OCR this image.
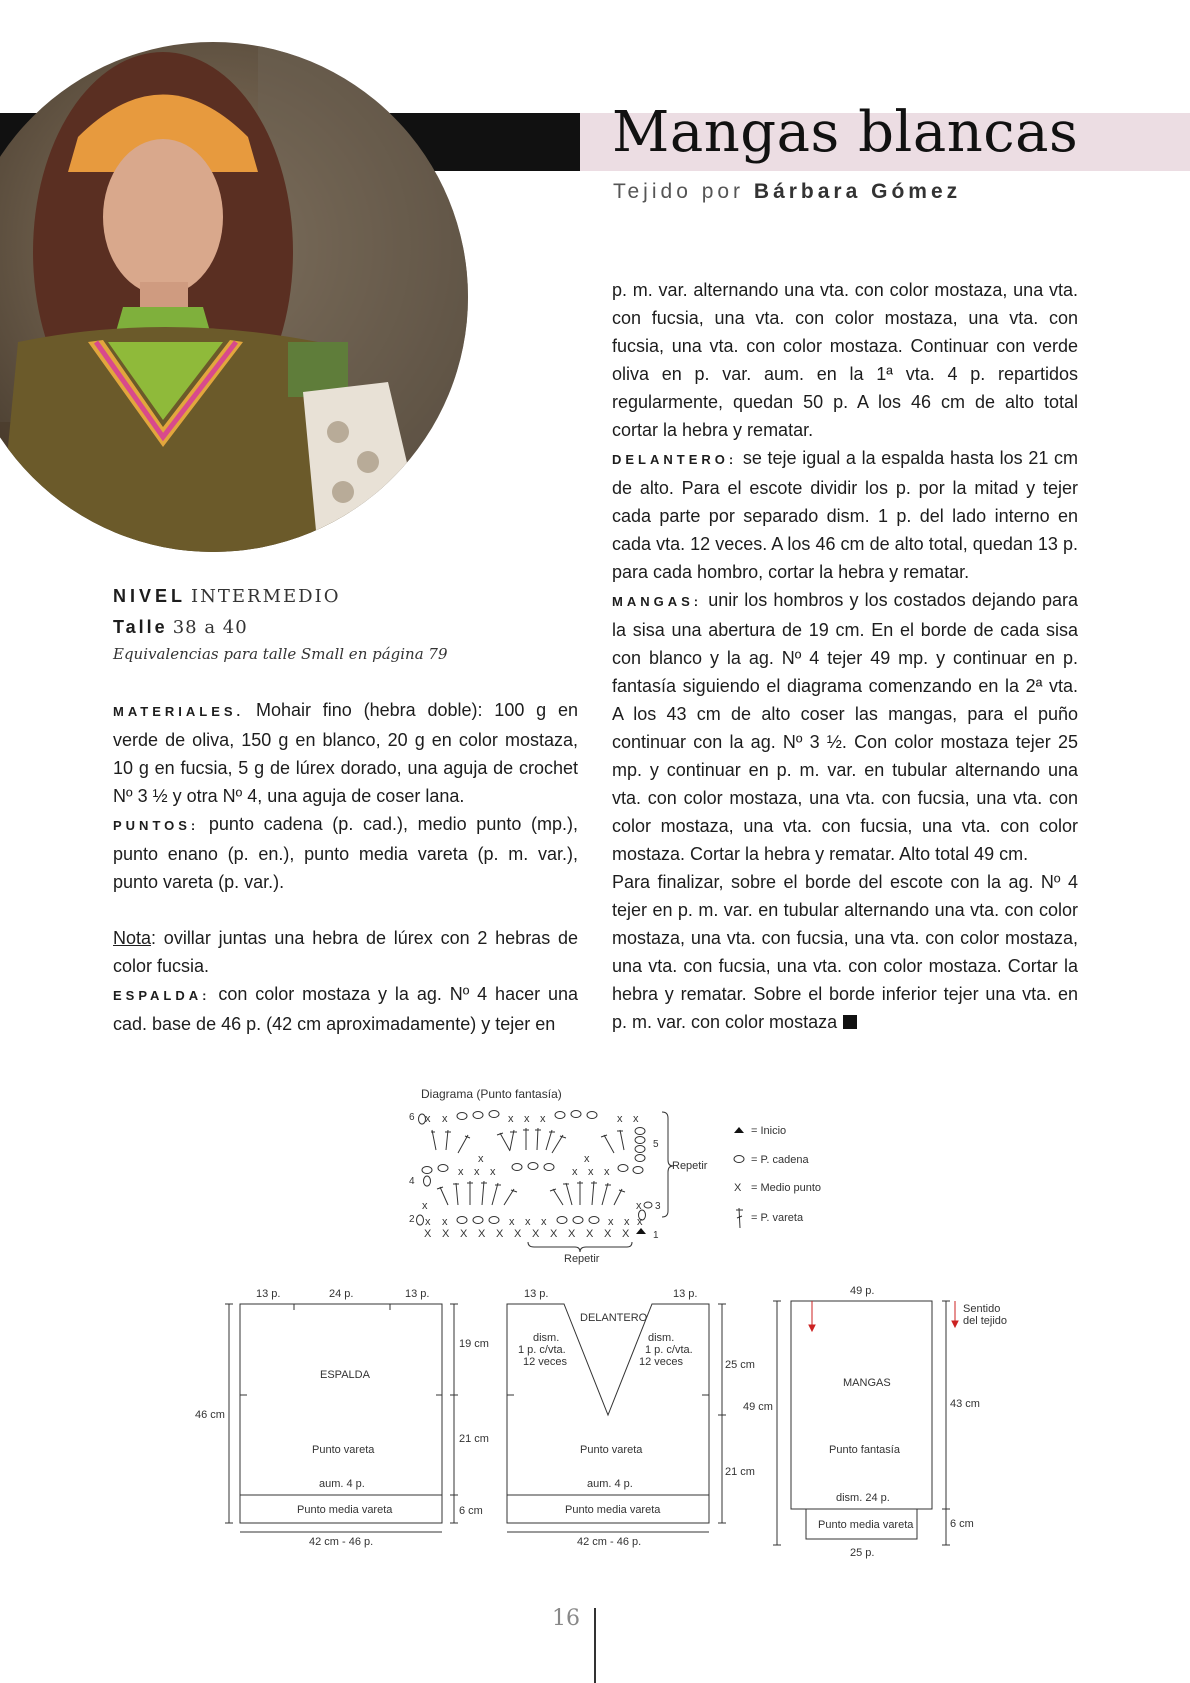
Mangas blancas
Tejido por Bárbara Gómez
NIVEL INTERMEDIO
Talle 38 a 40
Equivalencias para talle Small en página 79

MATERIALES. Mohair fino (hebra doble): 100 g en verde de oliva, 150 g en blanco, 20 g en color mostaza, 10 g en fucsia, 5 g de lúrex dorado, una aguja de crochet Nº 3 ½ y otra Nº 4, una aguja de coser lana.

PUNTOS: punto cadena (p. cad.), medio punto (mp.), punto enano (p. en.), punto media vareta (p. m. var.), punto vareta (p. var.).

Nota: ovillar juntas una hebra de lúrex con 2 hebras de color fucsia.

ESPALDA: con color mostaza y la ag. Nº 4 hacer una cad. base de 46 p. (42 cm aproximadamente) y tejer en

p. m. var. alternando una vta. con color mostaza, una vta. con fucsia, una vta. con color mostaza, una vta. con fucsia, una vta. con color mostaza. Continuar con verde oliva en p. var. aum. en la 1ª vta. 4 p. repartidos regularmente, quedan 50 p. A los 46 cm de alto total cortar la hebra y rematar.

DELANTERO: se teje igual a la espalda hasta los 21 cm de alto. Para el escote dividir los p. por la mitad y tejer cada parte por separado dism. 1 p. del lado interno en cada vta. 12 veces. A los 46 cm de alto total, quedan 13 p. para cada hombro, cortar la hebra y rematar.

MANGAS: unir los hombros y los costados dejando para la sisa una abertura de 19 cm. En el borde de cada sisa con blanco y la ag. Nº 4 tejer 49 mp. y continuar en p. fantasía siguiendo el diagrama comenzando en la 2ª vta. A los 43 cm de alto coser las mangas, para el puño continuar con la ag. Nº 3 ½. Con color mostaza tejer 25 mp. y continuar en p. m. var. en tubular alternando una vta. con color mostaza, una vta. con fucsia, una vta. con color mostaza, una vta. con fucsia, una vta. con color mostaza. Cortar la hebra y rematar. Alto total 49 cm.

Para finalizar, sobre el borde del escote con la ag. Nº 4 tejer en p. m. var. en tubular alternando una vta. con color mostaza, una vta. con fucsia, una vta. con color mostaza, una vta. con fucsia, una vta. con color mostaza. Cortar la hebra y rematar. Sobre el borde inferior tejer una vta. en p. m. var. con color mostaza

Diagrama (Punto fantasía)
x x	x x x	x x
x x x	x x x
x	x
x	x
x x	x x x	x x x
X X X X X X X X X X X X
6
5
4
3
2
1
Repetir
Repetir
= Inicio
= P. cadena
X = Medio punto
= P. vareta
13 p.	24 p.	13 p.
ESPALDA
46 cm
19 cm
21 cm
6 cm
Punto vareta
aum. 4 p.
Punto media vareta
42 cm - 46 p.
13 p.	13 p.
DELANTERO
dism.
1 p. c/vta.
12 veces
dism.
1 p. c/vta.
12 veces	25 cm
49 cm
21 cm
Punto vareta
aum. 4 p.
Punto media vareta
42 cm - 46 p.
49 p.
MANGAS
Sentido
del tejido
43 cm
Punto fantasía
dism. 24 p.
Punto media vareta	6 cm
25 p.
16
